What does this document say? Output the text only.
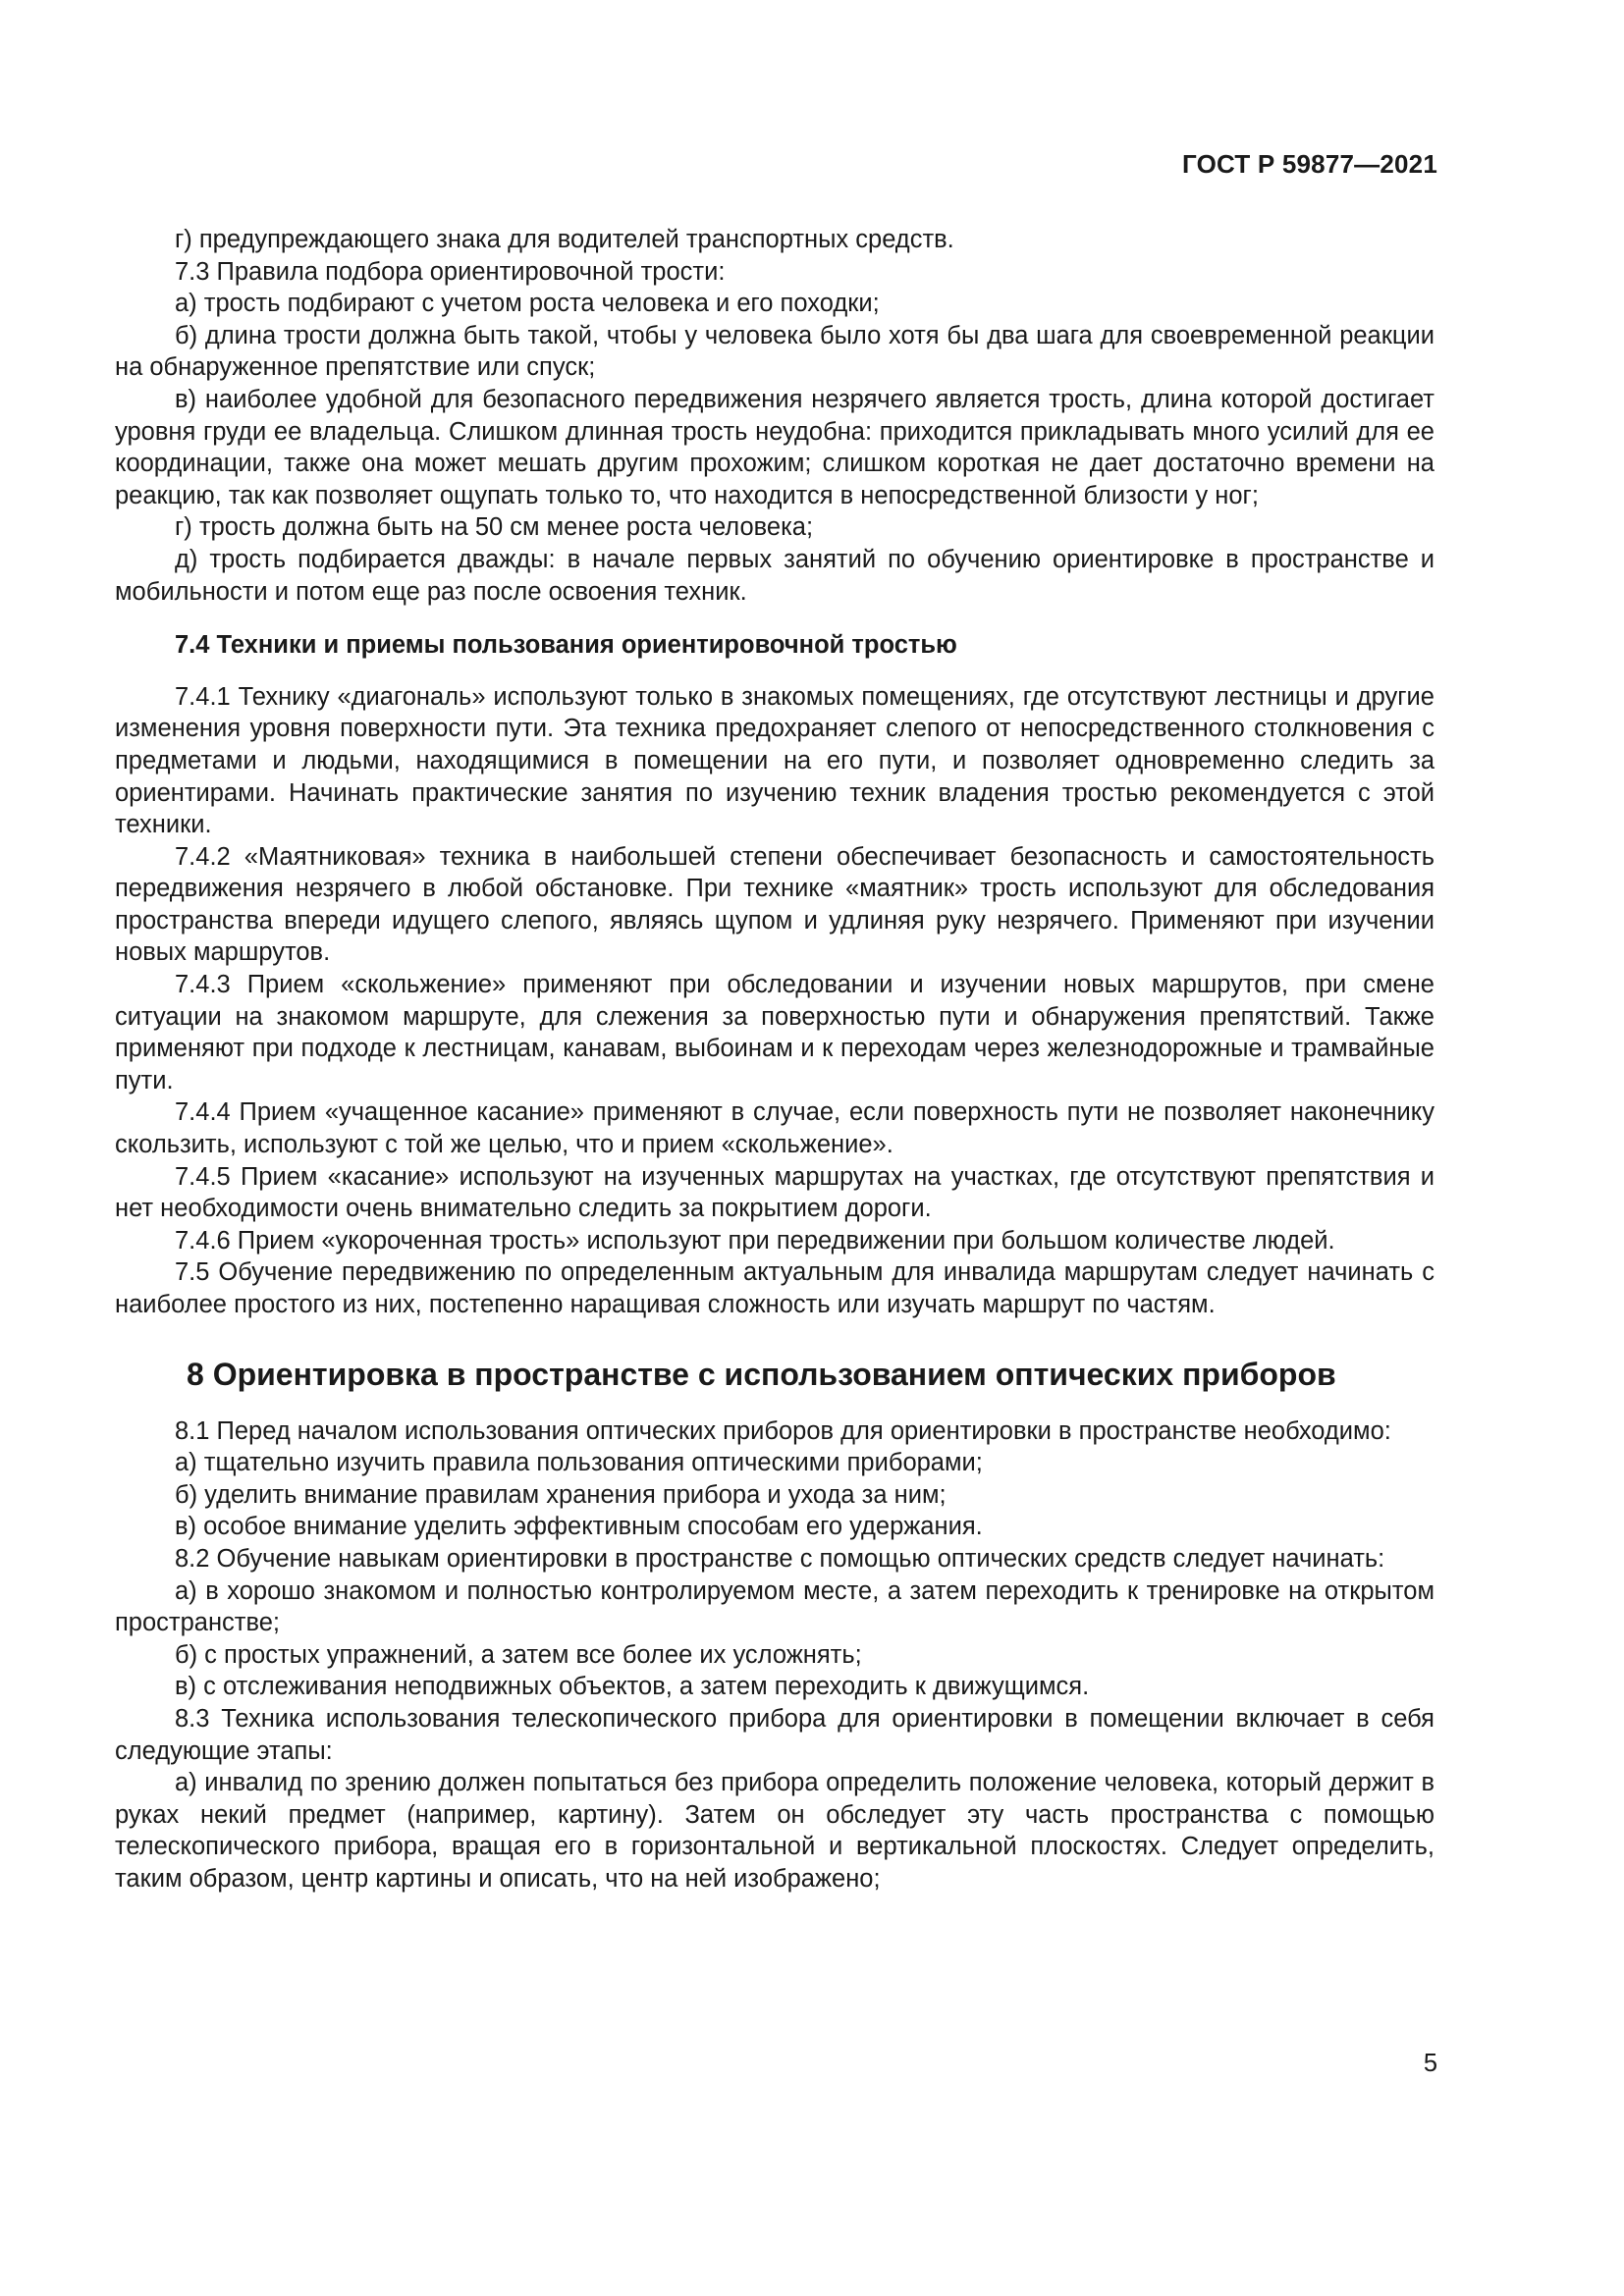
ГОСТ Р 59877—2021

г) предупреждающего знака для водителей транспортных средств.

7.3 Правила подбора ориентировочной трости:

а) трость подбирают с учетом роста человека и его походки;

б) длина трости должна быть такой, чтобы у человека было хотя бы два шага для своевременной реакции на обнаруженное препятствие или спуск;

в) наиболее удобной для безопасного передвижения незрячего является трость, длина которой достигает уровня груди ее владельца. Слишком длинная трость неудобна: приходится прикладывать много усилий для ее координации, также она может мешать другим прохожим; слишком короткая не дает достаточно времени на реакцию, так как позволяет ощупать только то, что находится в непосредственной близости у ног;

г) трость должна быть на 50 см менее роста человека;

д) трость подбирается дважды: в начале первых занятий по обучению ориентировке в пространстве и мобильности и потом еще раз после освоения техник.

7.4 Техники и приемы пользования ориентировочной тростью

7.4.1 Технику «диагональ» используют только в знакомых помещениях, где отсутствуют лестницы и другие изменения уровня поверхности пути. Эта техника предохраняет слепого от непосредственного столкновения с предметами и людьми, находящимися в помещении на его пути, и позволяет одновременно следить за ориентирами. Начинать практические занятия по изучению техник владения тростью рекомендуется с этой техники.

7.4.2 «Маятниковая» техника в наибольшей степени обеспечивает безопасность и самостоятельность передвижения незрячего в любой обстановке. При технике «маятник» трость используют для обследования пространства впереди идущего слепого, являясь щупом и удлиняя руку незрячего. Применяют при изучении новых маршрутов.

7.4.3 Прием «скольжение» применяют при обследовании и изучении новых маршрутов, при смене ситуации на знакомом маршруте, для слежения за поверхностью пути и обнаружения препятствий. Также применяют при подходе к лестницам, канавам, выбоинам и к переходам через железнодорожные и трамвайные пути.

7.4.4 Прием «учащенное касание» применяют в случае, если поверхность пути не позволяет наконечнику скользить, используют с той же целью, что и прием «скольжение».

7.4.5 Прием «касание» используют на изученных маршрутах на участках, где отсутствуют препятствия и нет необходимости очень внимательно следить за покрытием дороги.

7.4.6 Прием «укороченная трость» используют при передвижении при большом количестве людей.

7.5 Обучение передвижению по определенным актуальным для инвалида маршрутам следует начинать с наиболее простого из них, постепенно наращивая сложность или изучать маршрут по частям.

8 Ориентировка в пространстве с использованием оптических приборов

8.1 Перед началом использования оптических приборов для ориентировки в пространстве необходимо:

а) тщательно изучить правила пользования оптическими приборами;

б) уделить внимание правилам хранения прибора и ухода за ним;

в) особое внимание уделить эффективным способам его удержания.

8.2 Обучение навыкам ориентировки в пространстве с помощью оптических средств следует начинать:

а) в хорошо знакомом и полностью контролируемом месте, а затем переходить к тренировке на открытом пространстве;

б) с простых упражнений, а затем все более их усложнять;

в) с отслеживания неподвижных объектов, а затем переходить к движущимся.

8.3 Техника использования телескопического прибора для ориентировки в помещении включает в себя следующие этапы:

а) инвалид по зрению должен попытаться без прибора определить положение человека, который держит в руках некий предмет (например, картину). Затем он обследует эту часть пространства с помощью телескопического прибора, вращая его в горизонтальной и вертикальной плоскостях. Следует определить, таким образом, центр картины и описать, что на ней изображено;

5
